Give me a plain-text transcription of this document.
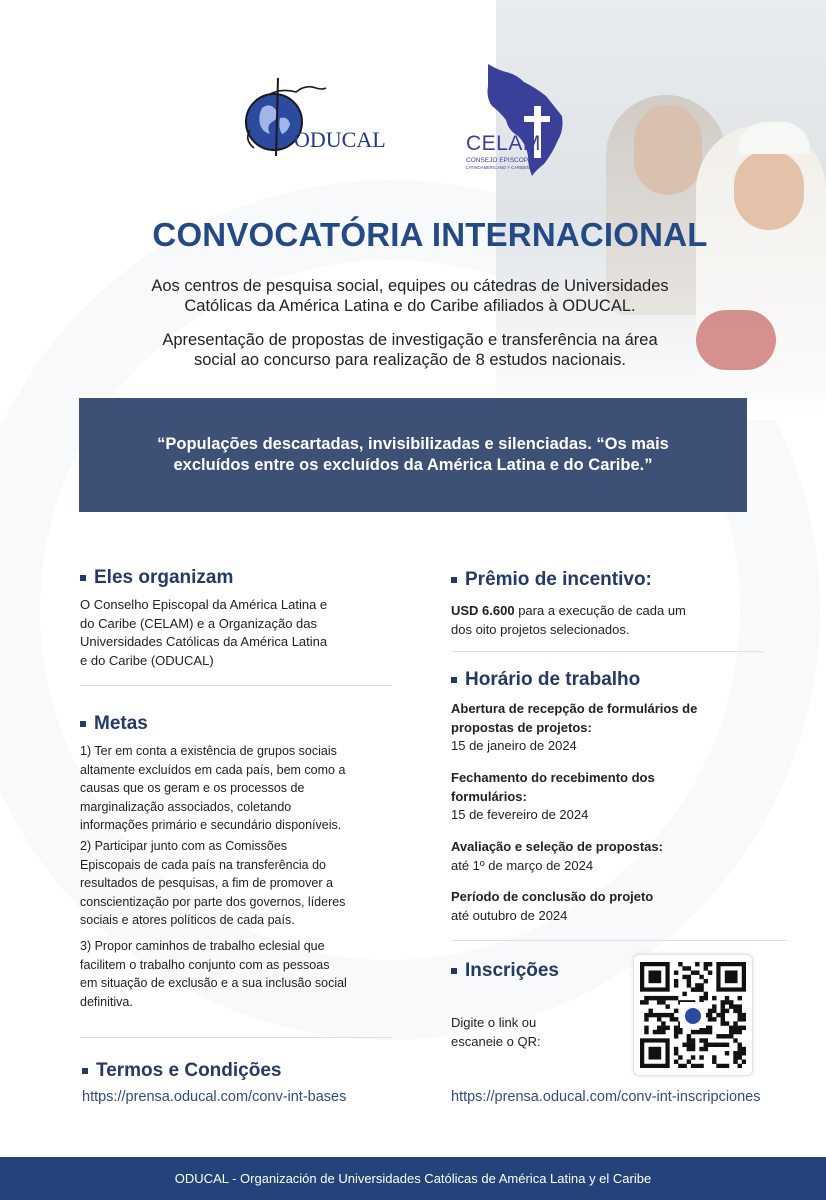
ODUCAL	CELAM
CONSEJO EPISCOPAL
LATINOAMERICANO Y CARIBEÑO
CONVOCATÓRIA INTERNACIONAL
Aos centros de pesquisa social, equipes ou cátedras de Universidades
Católicas da América Latina e do Caribe afiliados à ODUCAL.
Apresentação de propostas de investigação e transferência na área
social ao concurso para realização de 8 estudos nacionais.
“Populações descartadas, invisibilizadas e silenciadas. “Os mais
excluídos entre os excluídos da América Latina e do Caribe.”
Eles organizam
O Conselho Episcopal da América Latina e
do Caribe (CELAM) e a Organização das
Universidades Católicas da América Latina
e do Caribe (ODUCAL)
Metas
1) Ter em conta a existência de grupos sociais
altamente excluídos em cada país, bem como a
causas que os geram e os processos de
marginalização associados, coletando
informações primário e secundário disponíveis.
2) Participar junto com as Comissões
Episcopais de cada país na transferência do
resultados de pesquisas, a fim de promover a
conscientização por parte dos governos, líderes
sociais e atores políticos de cada país.
3) Propor caminhos de trabalho eclesial que
facilitem o trabalho conjunto com as pessoas
em situação de exclusão e a sua inclusão social
definitiva.
Termos e Condições
https://prensa.oducal.com/conv-int-bases
Prêmio de incentivo:
USD 6.600 para a execução de cada um
dos oito projetos selecionados.
Horário de trabalho
Abertura de recepção de formulários de
propostas de projetos:
15 de janeiro de 2024
Fechamento do recebimento dos
formulários:
15 de fevereiro de 2024
Avaliação e seleção de propostas:
até 1º de março de 2024
Período de conclusão do projeto
até outubro de 2024
Inscrições
Digite o link ou
escaneie o QR:
https://prensa.oducal.com/conv-int-inscripciones
ODUCAL - Organización de Universidades Católicas de América Latina y el Caribe
